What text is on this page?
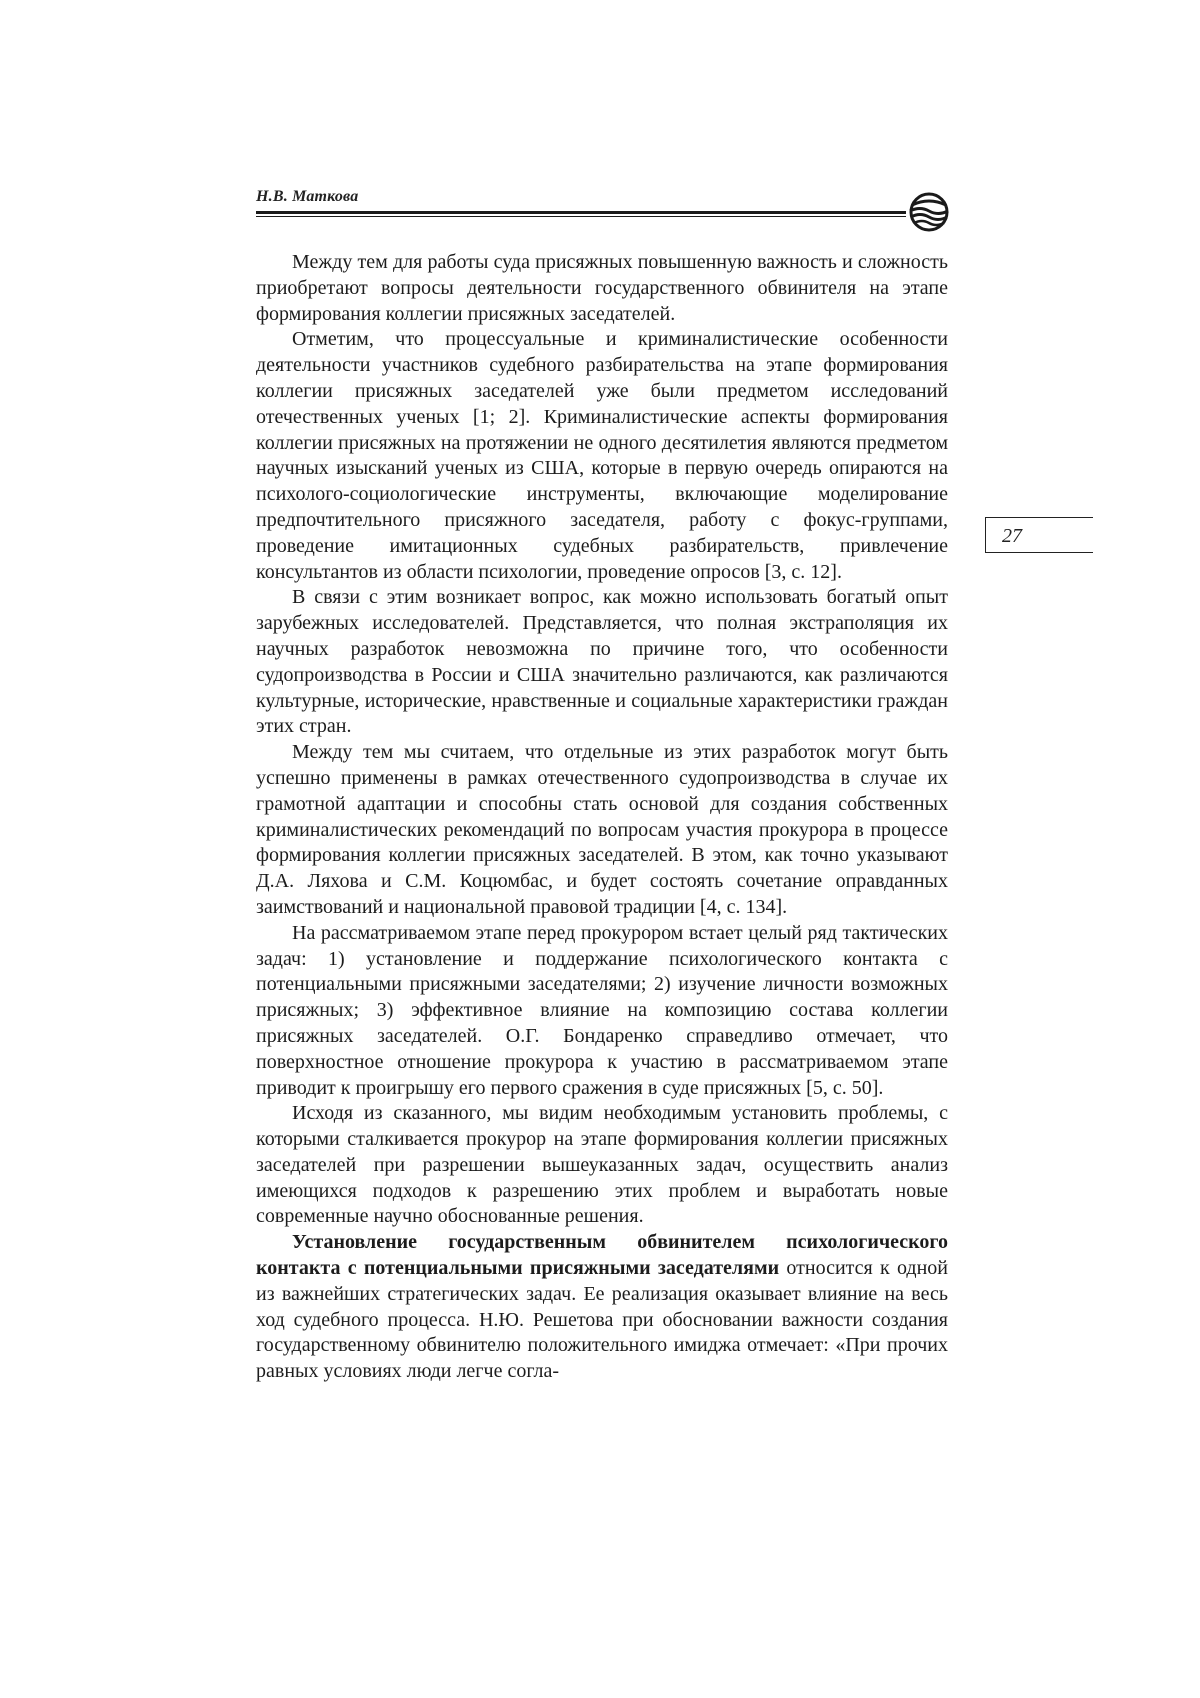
Н.В. Маткова
27

Между тем для работы суда присяжных повышенную важность и сложность приобретают вопросы деятельности государственного обвинителя на этапе формирования коллегии присяжных заседателей.

Отметим, что процессуальные и криминалистические особенности деятельности участников судебного разбирательства на этапе формирования коллегии присяжных заседателей уже были предметом исследований отечественных ученых [1; 2]. Криминалистические аспекты формирования коллегии присяжных на протяжении не одного десятилетия являются предметом научных изысканий ученых из США, которые в первую очередь опираются на психолого-социологические инструменты, включающие моделирование предпочтительного присяжного заседателя, работу с фокус-группами, проведение имитационных судебных разбирательств, привлечение консультантов из области психологии, проведение опросов [3, с. 12].

В связи с этим возникает вопрос, как можно использовать богатый опыт зарубежных исследователей. Представляется, что полная экстраполяция их научных разработок невозможна по причине того, что особенности судопроизводства в России и США значительно различаются, как различаются культурные, исторические, нравственные и социальные характеристики граждан этих стран.

Между тем мы считаем, что отдельные из этих разработок могут быть успешно применены в рамках отечественного судопроизводства в случае их грамотной адаптации и способны стать основой для создания собственных криминалистических рекомендаций по вопросам участия прокурора в процессе формирования коллегии присяжных заседателей. В этом, как точно указывают Д.А. Ляхова и С.М. Коцюмбас, и будет состоять сочетание оправданных заимствований и национальной правовой традиции [4, с. 134].

На рассматриваемом этапе перед прокурором встает целый ряд тактических задач: 1) установление и поддержание психологического контакта с потенциальными присяжными заседателями; 2) изучение личности возможных присяжных; 3) эффективное влияние на композицию состава коллегии присяжных заседателей. О.Г. Бондаренко справедливо отмечает, что поверхностное отношение прокурора к участию в рассматриваемом этапе приводит к проигрышу его первого сражения в суде присяжных [5, с. 50].

Исходя из сказанного, мы видим необходимым установить проблемы, с которыми сталкивается прокурор на этапе формирования коллегии присяжных заседателей при разрешении вышеуказанных задач, осуществить анализ имеющихся подходов к разрешению этих проблем и выработать новые современные научно обоснованные решения.

Установление государственным обвинителем психологического контакта с потенциальными присяжными заседателями относится к одной из важнейших стратегических задач. Ее реализация оказывает влияние на весь ход судебного процесса. Н.Ю. Решетова при обосновании важности создания государственному обвинителю положительного имиджа отмечает: «При прочих равных условиях люди легче согла-
